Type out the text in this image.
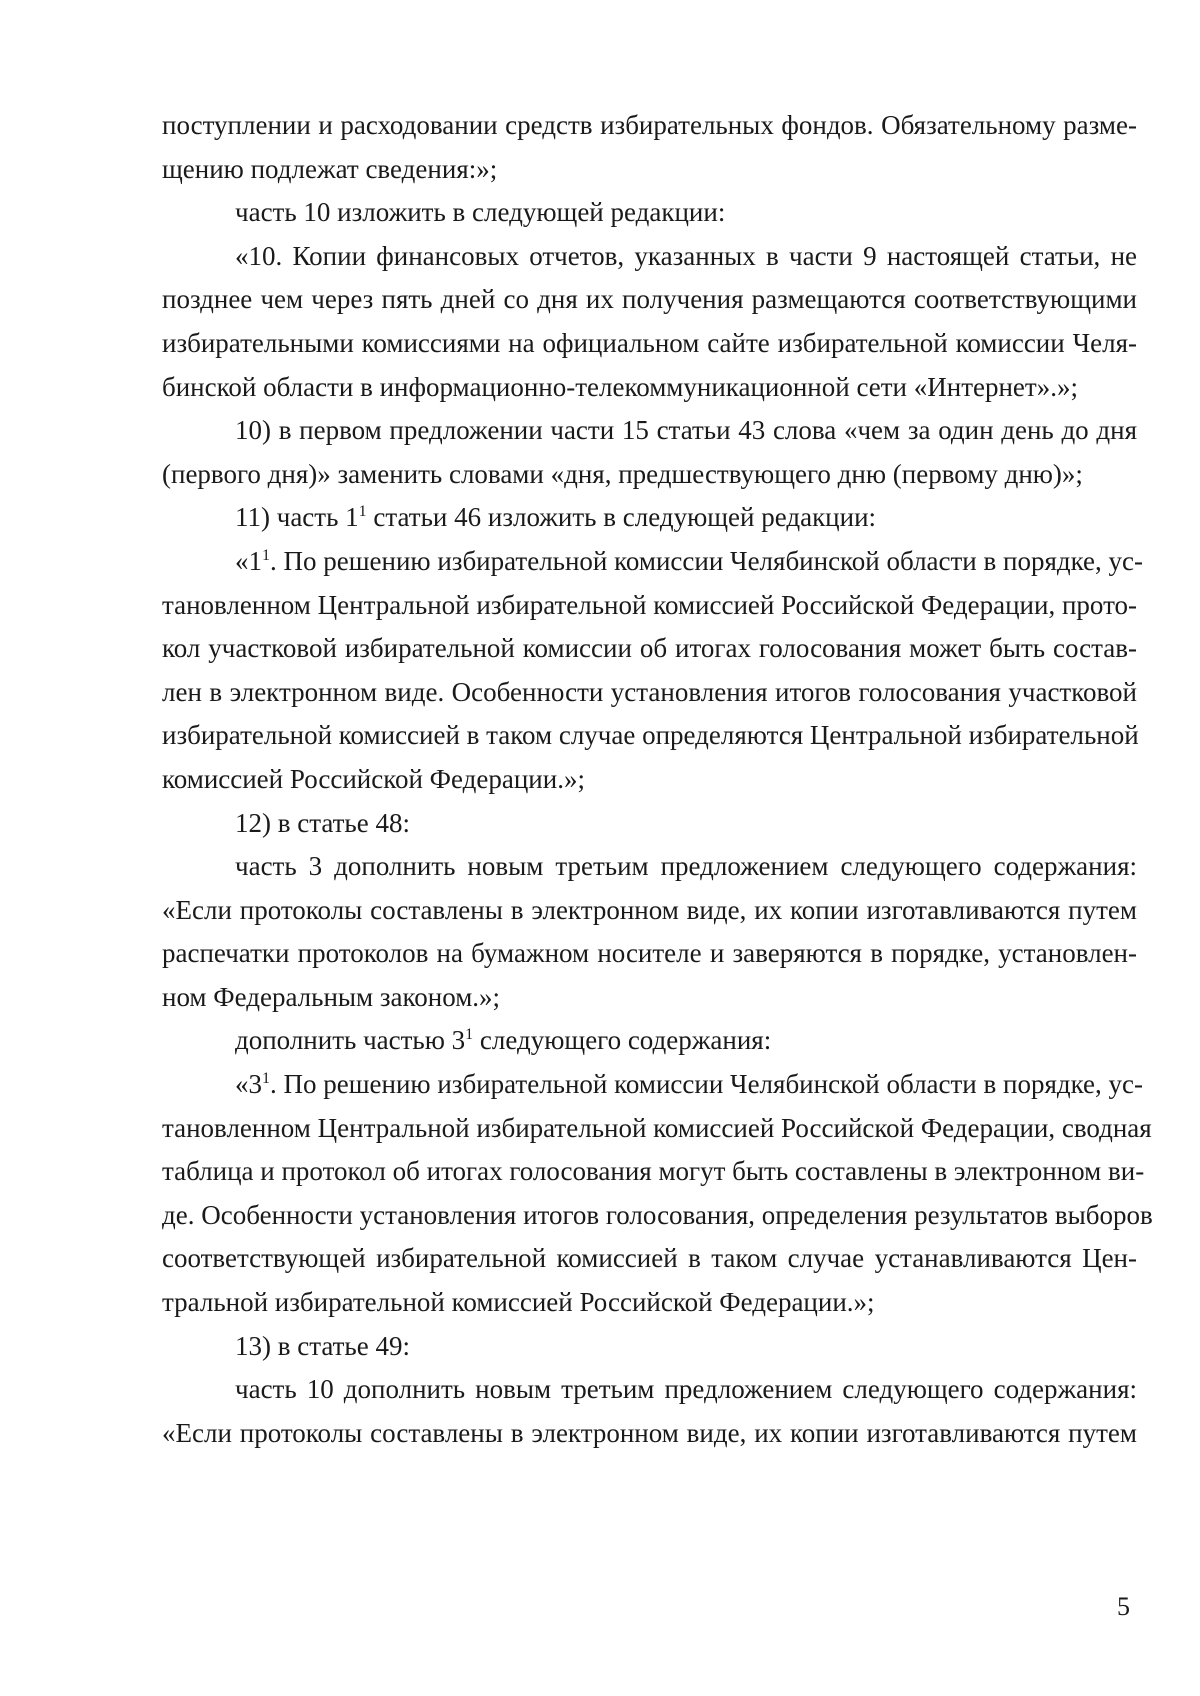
поступлении и расходовании средств избирательных фондов. Обязательному разме-
щению подлежат сведения:»;
часть 10 изложить в следующей редакции:
«10. Копии финансовых отчетов, указанных в части 9 настоящей статьи, не
позднее чем через пять дней со дня их получения размещаются соответствующими
избирательными комиссиями на официальном сайте избирательной комиссии Челя-
бинской области в информационно-телекоммуникационной сети «Интернет».»;
10) в первом предложении части 15 статьи 43 слова «чем за один день до дня
(первого дня)» заменить словами «дня, предшествующего дню (первому дню)»;
11) часть $1^1$ статьи 46 изложить в следующей редакции:
«$1^1$. По решению избирательной комиссии Челябинской области в порядке, ус-
тановленном Центральной избирательной комиссией Российской Федерации, прото-
кол участковой избирательной комиссии об итогах голосования может быть состав-
лен в электронном виде. Особенности установления итогов голосования участковой
избирательной комиссией в таком случае определяются Центральной избирательной
комиссией Российской Федерации.»;
12) в статье 48:
часть 3 дополнить новым третьим предложением следующего содержания:
«Если протоколы составлены в электронном виде, их копии изготавливаются путем
распечатки протоколов на бумажном носителе и заверяются в порядке, установлен-
ном Федеральным законом.»;
дополнить частью $3^1$ следующего содержания:
«$3^1$. По решению избирательной комиссии Челябинской области в порядке, ус-
тановленном Центральной избирательной комиссией Российской Федерации, сводная
таблица и протокол об итогах голосования могут быть составлены в электронном ви-
де. Особенности установления итогов голосования, определения результатов выборов
соответствующей избирательной комиссией в таком случае устанавливаются Цен-
тральной избирательной комиссией Российской Федерации.»;
13) в статье 49:
часть 10 дополнить новым третьим предложением следующего содержания:
«Если протоколы составлены в электронном виде, их копии изготавливаются путем
5
